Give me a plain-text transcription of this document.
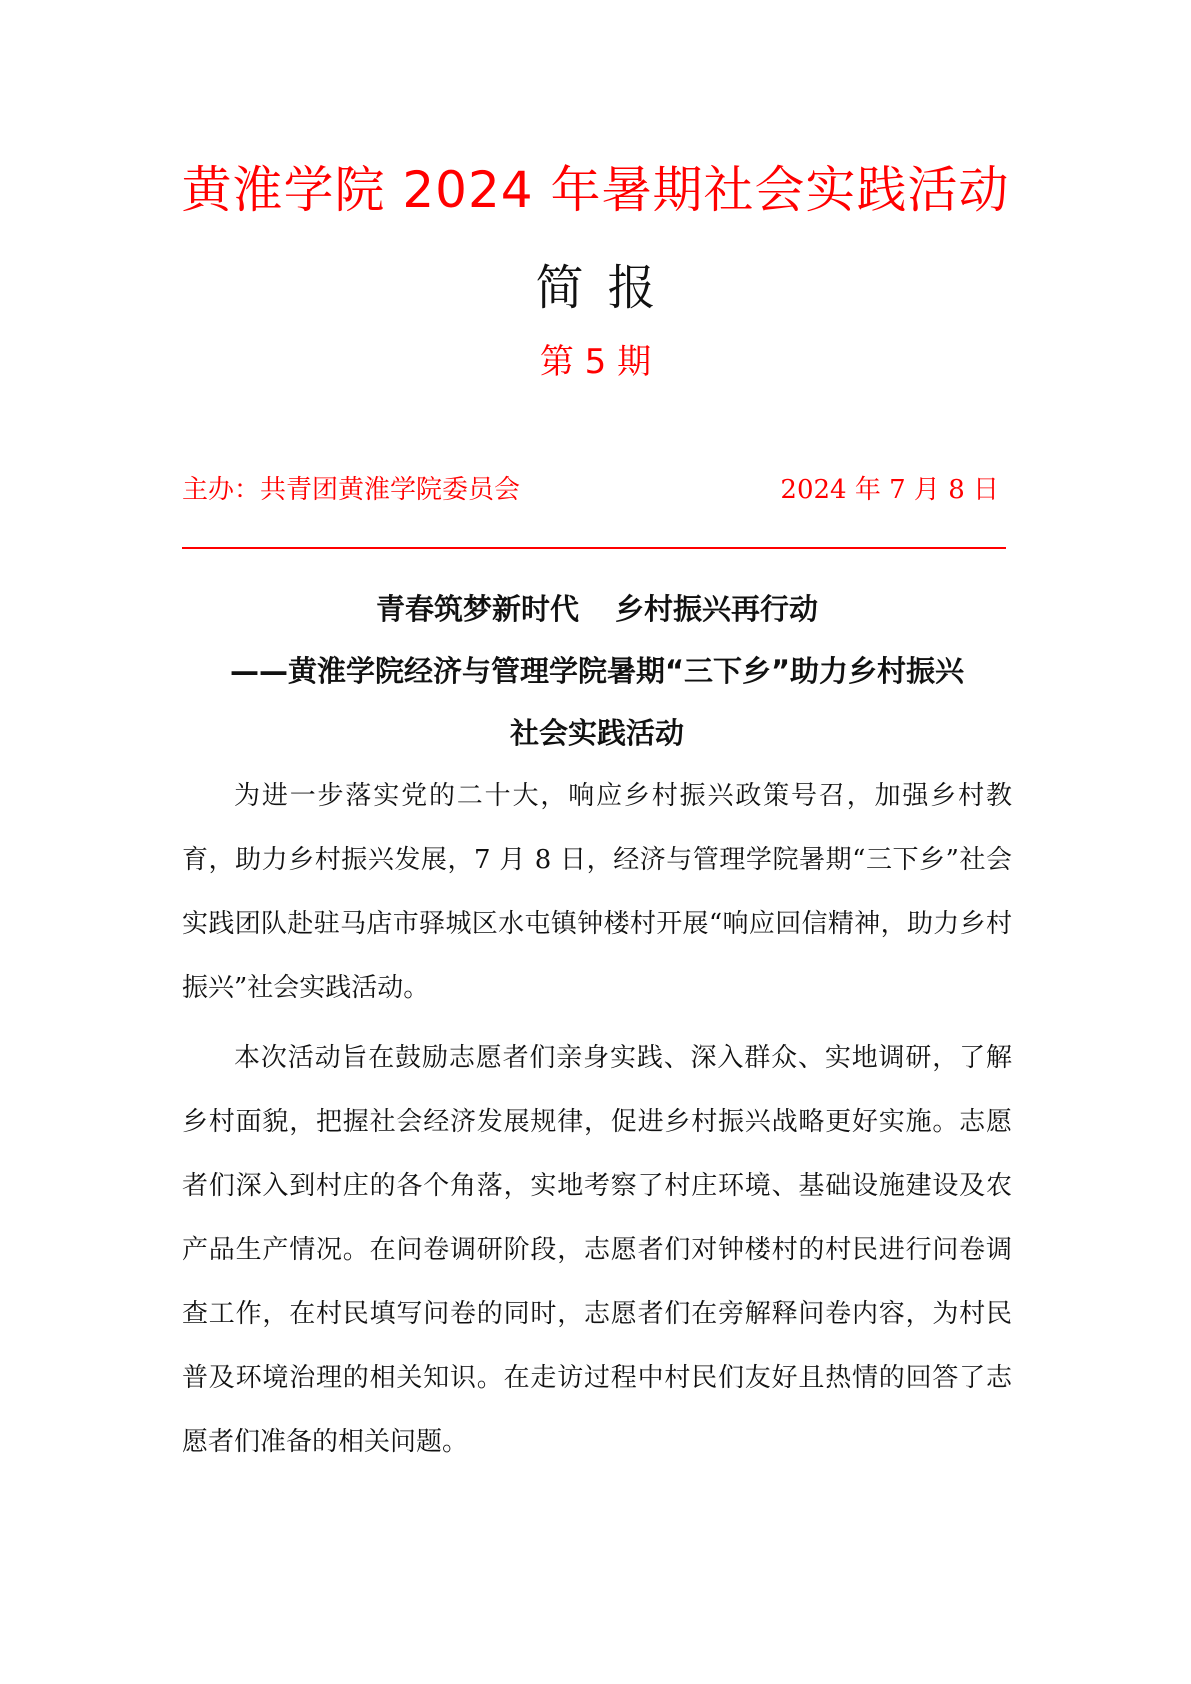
黄淮学院 2024 年暑期社会实践活动
简报
第 5 期
主办：共青团黄淮学院委员会	2024 年 7 月 8 日
青春筑梦新时代 乡村振兴再行动
——黄淮学院经济与管理学院暑期“三下乡”助力乡村振兴
社会实践活动

为进一步落实党的二十大，响应乡村振兴政策号召，加强乡村教育，助力乡村振兴发展，7 月 8 日，经济与管理学院暑期“三下乡”社会实践团队赴驻马店市驿城区水屯镇钟楼村开展“响应回信精神，助力乡村振兴”社会实践活动。

本次活动旨在鼓励志愿者们亲身实践、深入群众、实地调研，了解乡村面貌，把握社会经济发展规律，促进乡村振兴战略更好实施。志愿者们深入到村庄的各个角落，实地考察了村庄环境、基础设施建设及农产品生产情况。在问卷调研阶段，志愿者们对钟楼村的村民进行问卷调查工作，在村民填写问卷的同时，志愿者们在旁解释问卷内容，为村民普及环境治理的相关知识。在走访过程中村民们友好且热情的回答了志愿者们准备的相关问题。
